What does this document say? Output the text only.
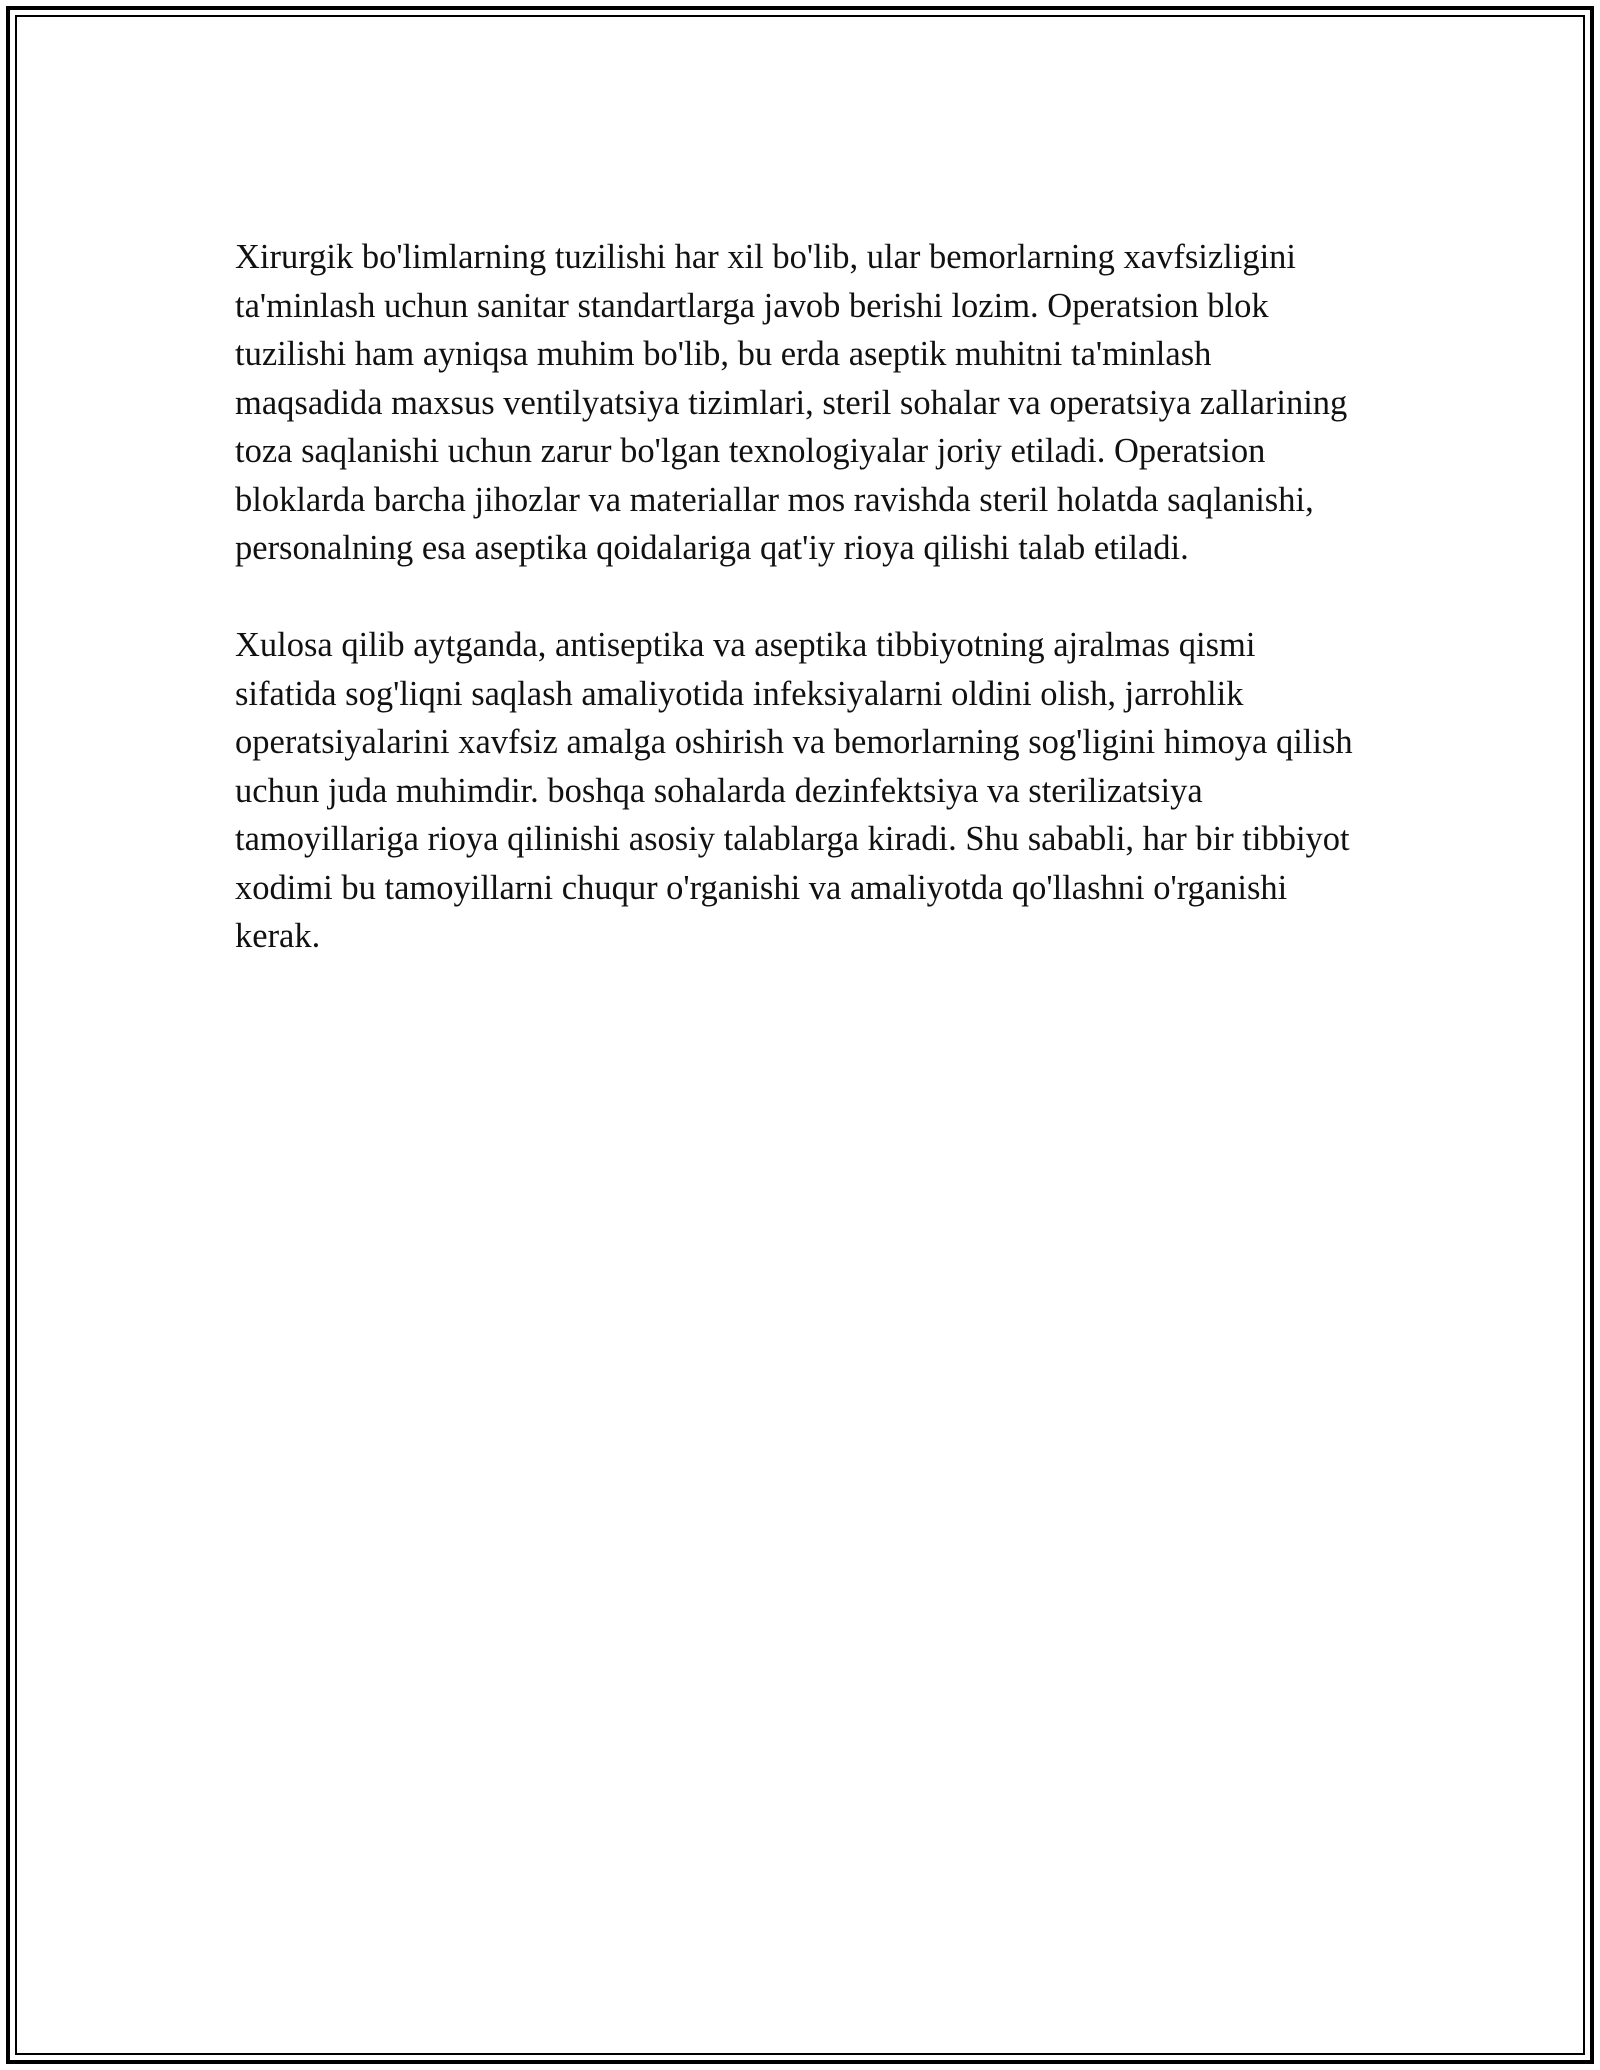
Xirurgik bo'limlarning tuzilishi har xil bo'lib, ular bemorlarning xavfsizligini ta'minlash uchun sanitar standartlarga javob berishi lozim. Operatsion blok tuzilishi ham ayniqsa muhim bo'lib, bu erda aseptik muhitni ta'minlash maqsadida maxsus ventilyatsiya tizimlari, steril sohalar va operatsiya zallarining toza saqlanishi uchun zarur bo'lgan texnologiyalar joriy etiladi. Operatsion bloklarda barcha jihozlar va materiallar mos ravishda steril holatda saqlanishi, personalning esa aseptika qoidalariga qat'iy rioya qilishi talab etiladi.

Xulosa qilib aytganda, antiseptika va aseptika tibbiyotning ajralmas qismi sifatida sog'liqni saqlash amaliyotida infeksiyalarni oldini olish, jarrohlik operatsiyalarini xavfsiz amalga oshirish va bemorlarning sog'ligini himoya qilish uchun juda muhimdir. boshqa sohalarda dezinfektsiya va sterilizatsiya tamoyillariga rioya qilinishi asosiy talablarga kiradi. Shu sababli, har bir tibbiyot xodimi bu tamoyillarni chuqur o'rganishi va amaliyotda qo'llashni o'rganishi kerak.
